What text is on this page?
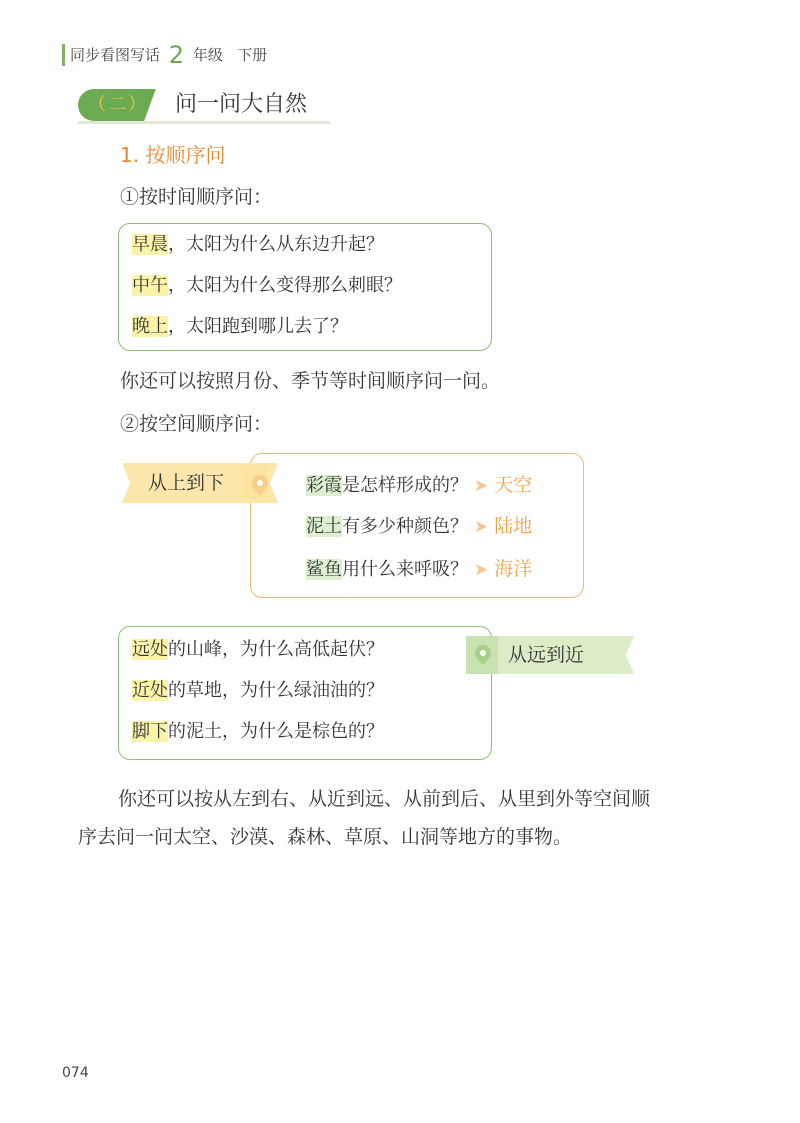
同步看图写话 2 年级 下册
（二） 问一问大自然
1. 按顺序问
①按时间顺序问：
早晨，太阳为什么从东边升起？
中午，太阳为什么变得那么刺眼？
晚上，太阳跑到哪儿去了？
你还可以按照月份、季节等时间顺序问一问。
②按空间顺序问：
从上到下	彩霞是怎样形成的？ ➤ 天空
泥土有多少种颜色？ ➤ 陆地
鲨鱼用什么来呼吸？ ➤ 海洋
从远到近
远处的山峰，为什么高低起伏？
近处的草地，为什么绿油油的？
脚下的泥土，为什么是棕色的？
你还可以按从左到右、从近到远、从前到后、从里到外等空间顺
序去问一问太空、沙漠、森林、草原、山洞等地方的事物。
074
